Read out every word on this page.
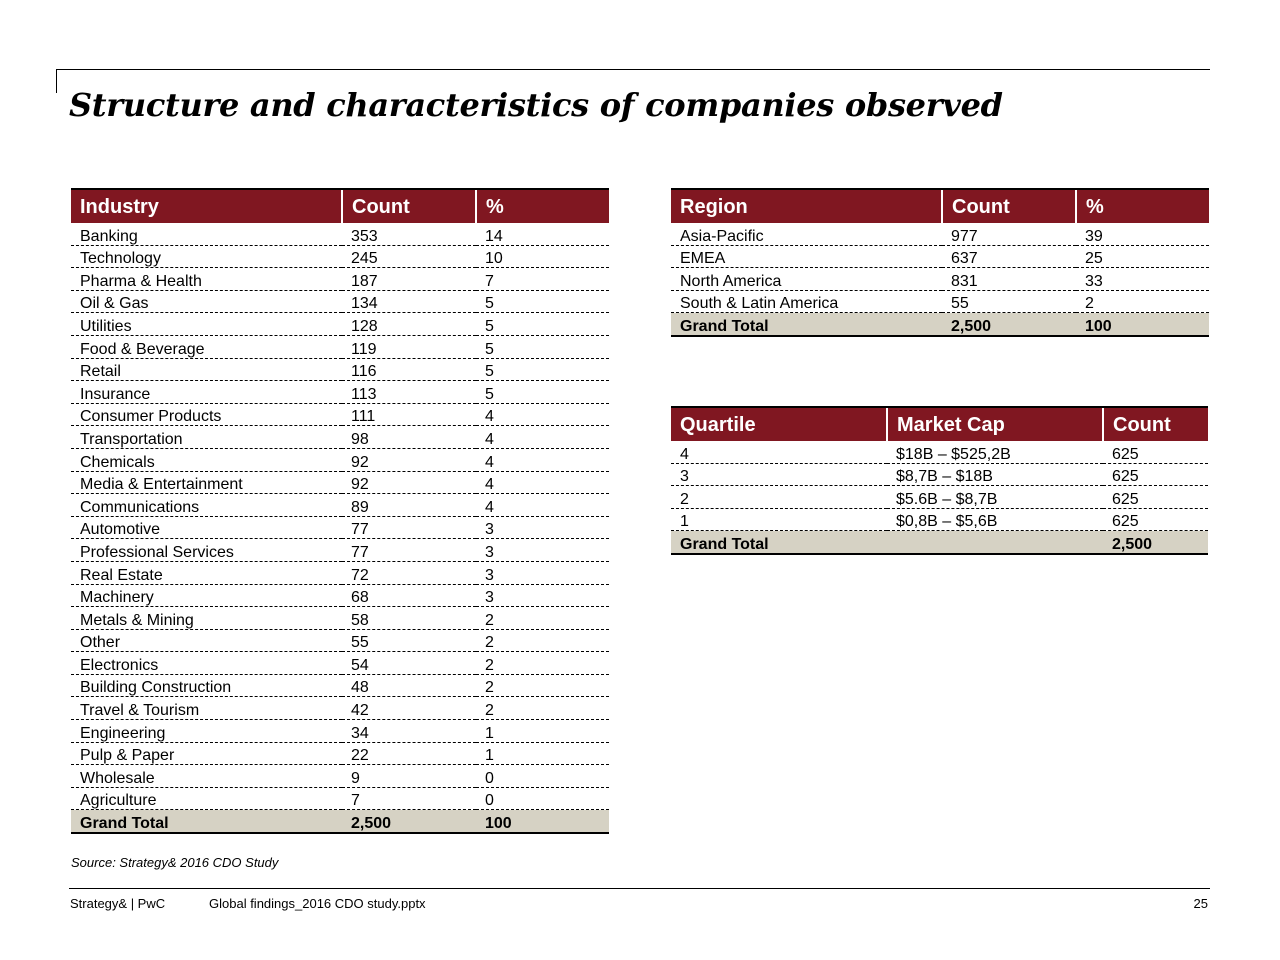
Structure and characteristics of companies observed
Industry	Count	%
Banking	353	14
Technology	245	10
Pharma & Health	187	7
Oil & Gas	134	5
Utilities	128	5
Food & Beverage	119	5
Retail	116	5
Insurance	113	5
Consumer Products	111	4
Transportation	98	4
Chemicals	92	4
Media & Entertainment	92	4
Communications	89	4
Automotive	77	3
Professional Services	77	3
Real Estate	72	3
Machinery	68	3
Metals & Mining	58	2
Other	55	2
Electronics	54	2
Building Construction	48	2
Travel & Tourism	42	2
Engineering	34	1
Pulp & Paper	22	1
Wholesale	9	0
Agriculture	7	0
Grand Total	2,500	100
Region	Count	%
Asia-Pacific	977	39
EMEA	637	25
North America	831	33
South & Latin America	55	2
Grand Total	2,500	100
Quartile	Market Cap	Count
4	$18B – $525,2B	625
3	$8,7B – $18B	625
2	$5.6B – $8,7B	625
1	$0,8B – $5,6B	625
Grand Total		2,500
Source: Strategy& 2016 CDO Study
Strategy& | PwC	Global findings_2016 CDO study.pptx	25
